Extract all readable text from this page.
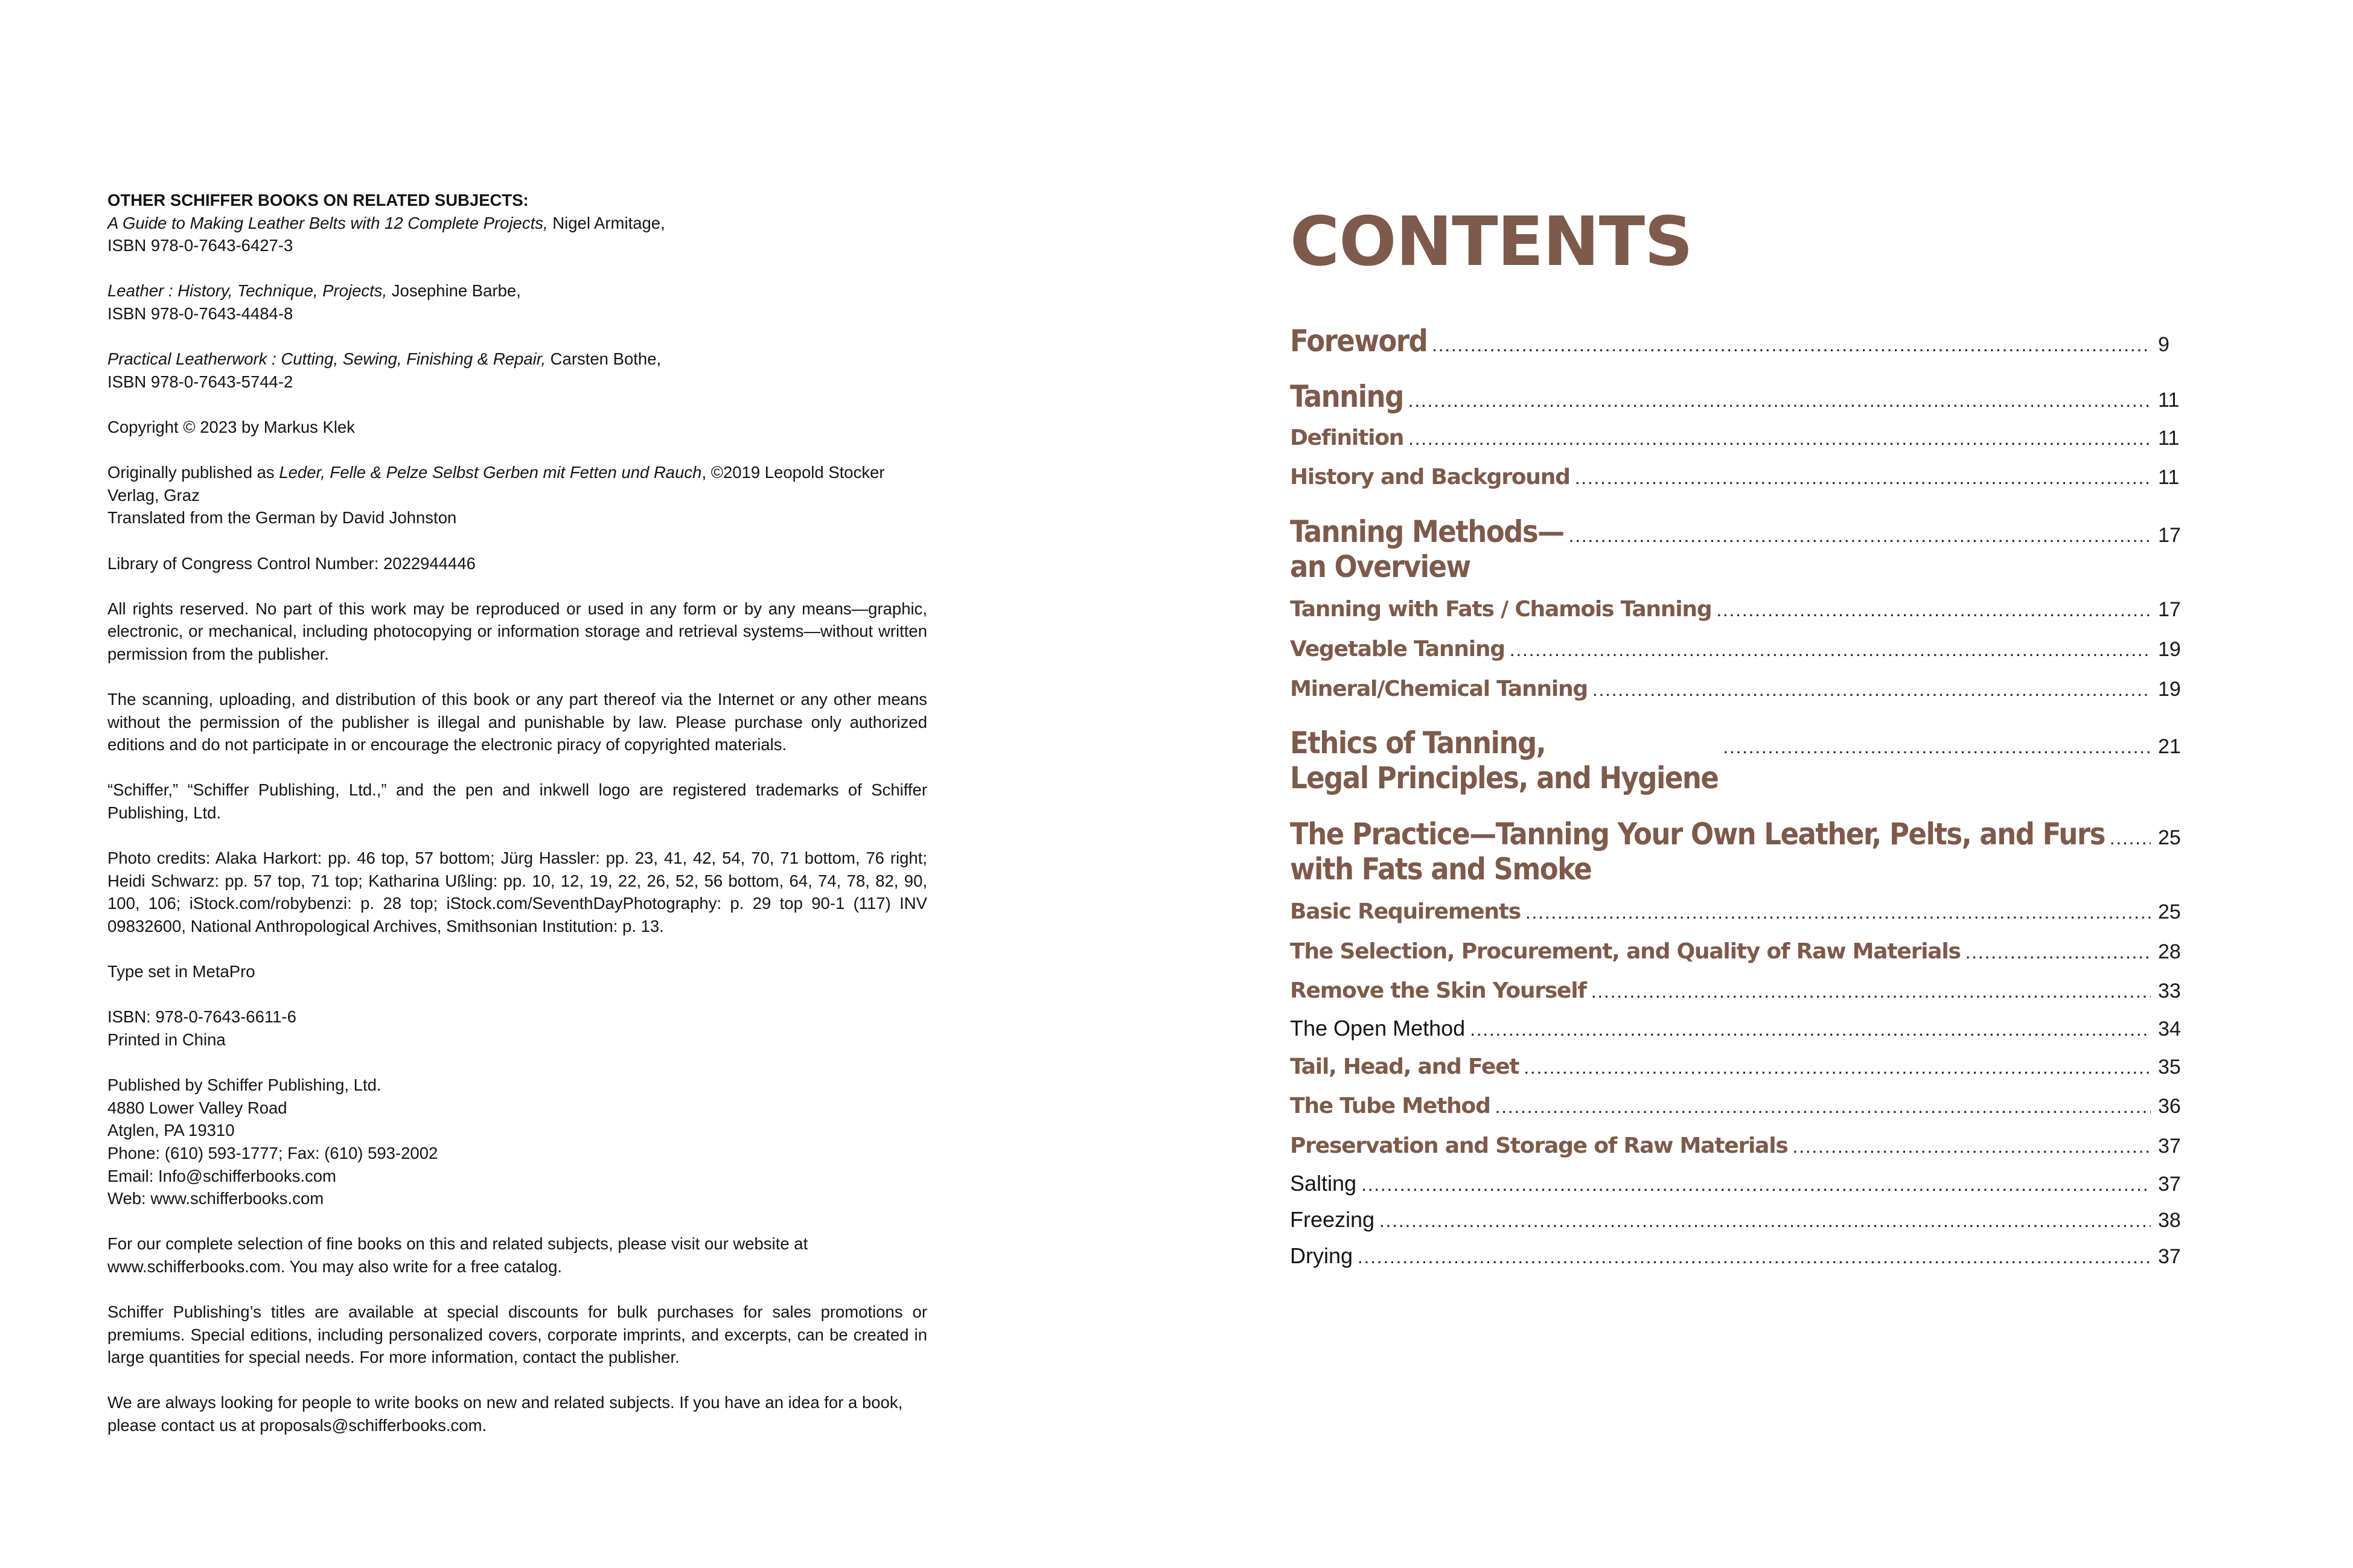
OTHER SCHIFFER BOOKS ON RELATED SUBJECTS:
A Guide to Making Leather Belts with 12 Complete Projects, Nigel Armitage,
ISBN 978-0-7643-6427-3

Leather : History, Technique, Projects, Josephine Barbe,
ISBN 978-0-7643-4484-8

Practical Leatherwork : Cutting, Sewing, Finishing & Repair, Carsten Bothe,
ISBN 978-0-7643-5744-2

Copyright © 2023 by Markus Klek

Originally published as Leder, Felle & Pelze Selbst Gerben mit Fetten und Rauch, ©2019 Leopold Stocker Verlag, Graz
Translated from the German by David Johnston

Library of Congress Control Number: 2022944446

All rights reserved. No part of this work may be reproduced or used in any form or by any means—graphic, electronic, or mechanical, including photocopying or information storage and retrieval systems—without written permission from the publisher.

The scanning, uploading, and distribution of this book or any part thereof via the Internet or any other means without the permission of the publisher is illegal and punishable by law. Please purchase only authorized editions and do not participate in or encourage the electronic piracy of copyrighted materials.

“Schiffer,” “Schiffer Publishing, Ltd.,” and the pen and inkwell logo are registered trademarks of Schiffer Publishing, Ltd.

Photo credits: Alaka Harkort: pp. 46 top, 57 bottom; Jürg Hassler: pp. 23, 41, 42, 54, 70, 71 bottom, 76 right; Heidi Schwarz: pp. 57 top, 71 top; Katharina Ußling: pp. 10, 12, 19, 22, 26, 52, 56 bottom, 64, 74, 78, 82, 90, 100, 106; iStock.com/robybenzi: p. 28 top; iStock.com/SeventhDayPhotography: p. 29 top 90-1 (117) INV 09832600, National Anthropological Archives, Smithsonian Institution: p. 13.

Type set in MetaPro

ISBN: 978-0-7643-6611-6
Printed in China

Published by Schiffer Publishing, Ltd.
4880 Lower Valley Road
Atglen, PA 19310
Phone: (610) 593-1777; Fax: (610) 593-2002
Email: Info@schifferbooks.com
Web: www.schifferbooks.com

For our complete selection of fine books on this and related subjects, please visit our website at www.schifferbooks.com. You may also write for a free catalog.

Schiffer Publishing’s titles are available at special discounts for bulk purchases for sales promotions or premiums. Special editions, including personalized covers, corporate imprints, and excerpts, can be created in large quantities for special needs. For more information, contact the publisher.

We are always looking for people to write books on new and related subjects. If you have an idea for a book, please contact us at proposals@schifferbooks.com.

CONTENTS
Foreword .....	9
Tanning .....	11
Definition .....	11
History and Background .....	11
Tanning Methods—
an Overview
.....
17
Tanning with Fats / Chamois Tanning .....	17
Vegetable Tanning .....	19
Mineral/Chemical Tanning .....	19
Ethics of Tanning,
Legal Principles, and Hygiene
.....
21
The Practice—Tanning Your Own Leather, Pelts, and Furs
with Fats and Smoke
.....
25
Basic Requirements .....	25
The Selection, Procurement, and Quality of Raw Materials .....	28
Remove the Skin Yourself .....	33
The Open Method .....	34
Tail, Head, and Feet .....	35
The Tube Method .....	36
Preservation and Storage of Raw Materials .....	37
Salting .....	37
Freezing .....	38
Drying .....	37
